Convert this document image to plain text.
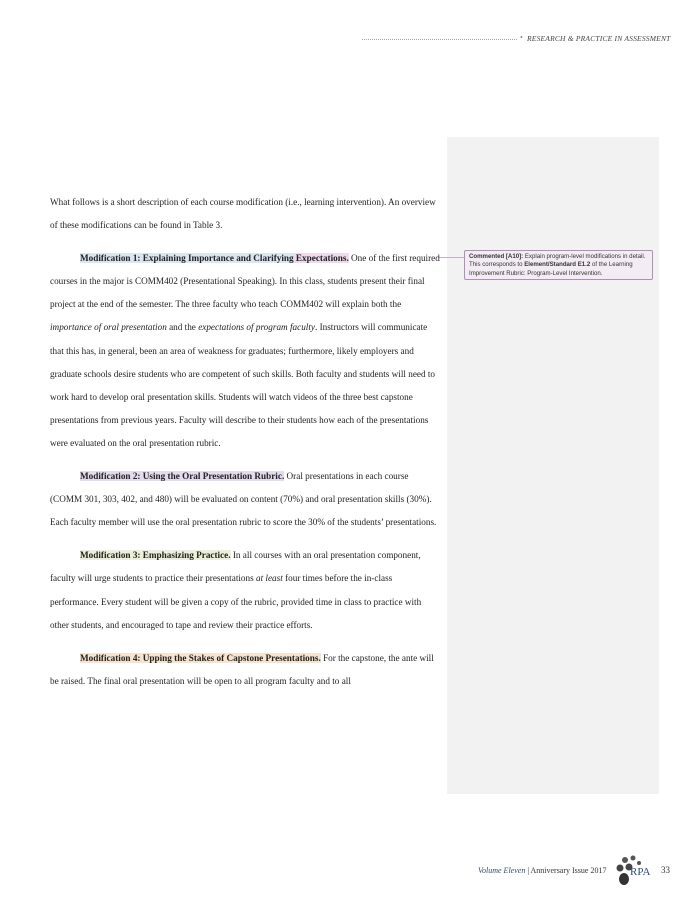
• RESEARCH & PRACTICE IN ASSESSMENT
Commented [A10]: Explain program-level modifications in detail. This corresponds to Element/Standard E1.2 of the Learning Improvement Rubric: Program-Level Intervention.

What follows is a short description of each course modification (i.e., learning intervention). An overview of these modifications can be found in Table 3.

Modification 1: Explaining Importance and Clarifying Expectations. One of the first required courses in the major is COMM402 (Presentational Speaking). In this class, students present their final project at the end of the semester. The three faculty who teach COMM402 will explain both the importance of oral presentation and the expectations of program faculty. Instructors will communicate that this has, in general, been an area of weakness for graduates; furthermore, likely employers and graduate schools desire students who are competent of such skills. Both faculty and students will need to work hard to develop oral presentation skills. Students will watch videos of the three best capstone presentations from previous years. Faculty will describe to their students how each of the presentations were evaluated on the oral presentation rubric.

Modification 2: Using the Oral Presentation Rubric. Oral presentations in each course (COMM 301, 303, 402, and 480) will be evaluated on content (70%) and oral presentation skills (30%). Each faculty member will use the oral presentation rubric to score the 30% of the students’ presentations.

Modification 3: Emphasizing Practice. In all courses with an oral presentation component, faculty will urge students to practice their presentations at least four times before the in-class performance. Every student will be given a copy of the rubric, provided time in class to practice with other students, and encouraged to tape and review their practice efforts.

Modification 4: Upping the Stakes of Capstone Presentations. For the capstone, the ante will be raised. The final oral presentation will be open to all program faculty and to all

Volume Eleven | Anniversary Issue 2017 RPA 33
